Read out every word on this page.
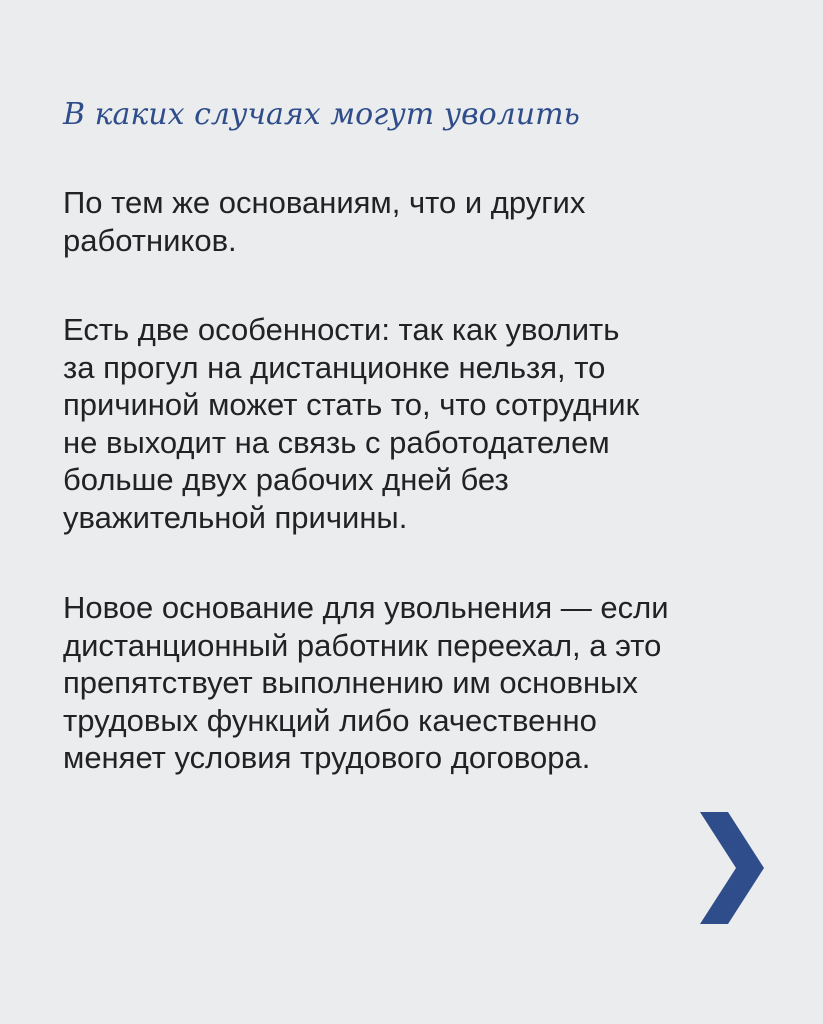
В каких случаях могут уволить
По тем же основаниям, что и других
работников.
Есть две особенности: так как уволить
за прогул на дистанционке нельзя, то
причиной может стать то, что сотрудник
не выходит на связь с работодателем
больше двух рабочих дней без
уважительной причины.
Новое основание для увольнения — если
дистанционный работник переехал, а это
препятствует выполнению им основных
трудовых функций либо качественно
меняет условия трудового договора.
